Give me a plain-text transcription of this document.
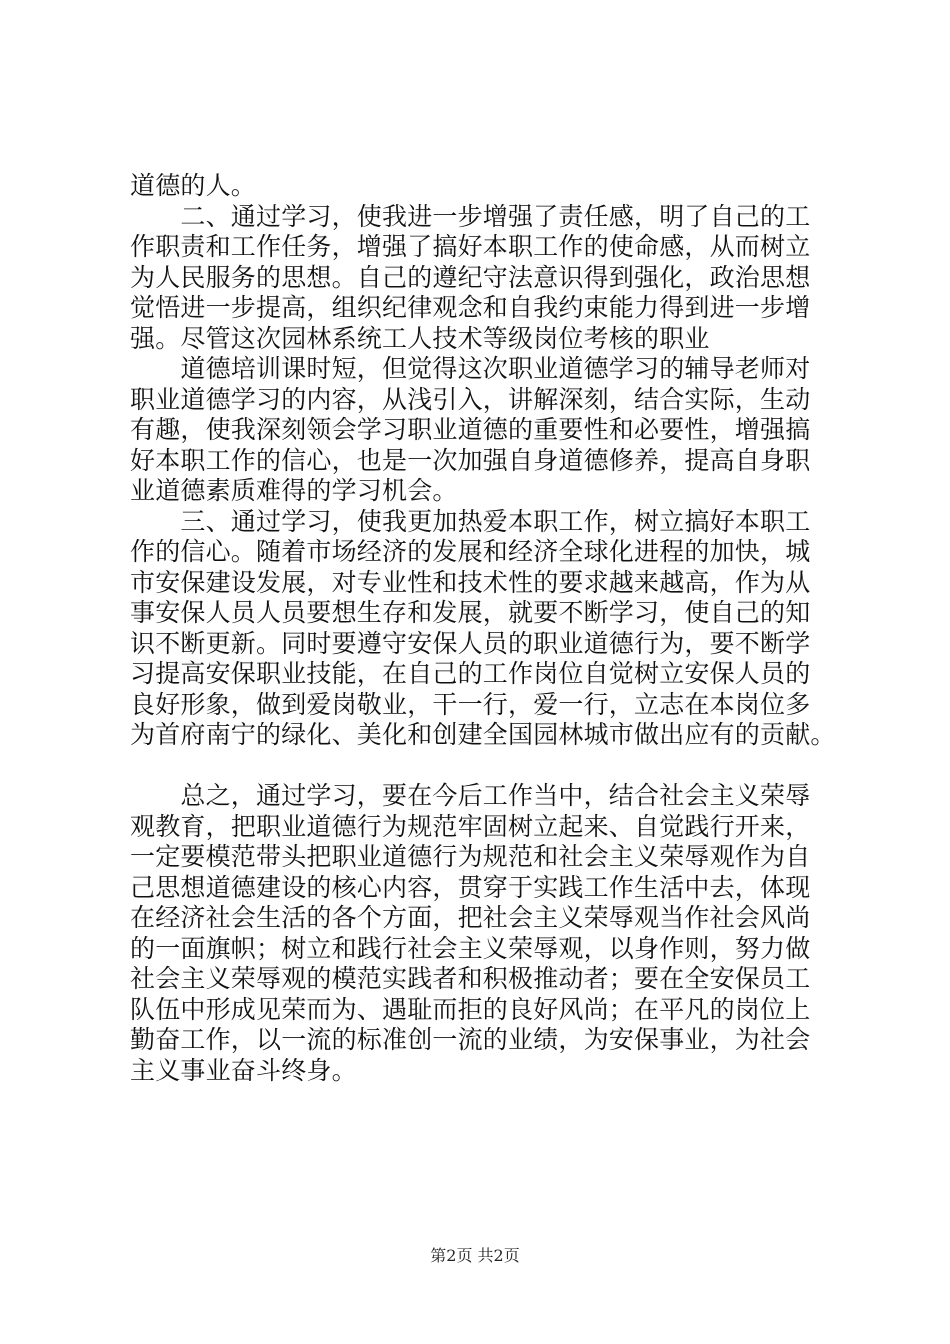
道德的人。
　　二、通过学习，使我进一步增强了责任感，明了自己的工
作职责和工作任务，增强了搞好本职工作的使命感，从而树立
为人民服务的思想。自己的遵纪守法意识得到强化，政治思想
觉悟进一步提高，组织纪律观念和自我约束能力得到进一步增
强。尽管这次园林系统工人技术等级岗位考核的职业
　　道德培训课时短，但觉得这次职业道德学习的辅导老师对
职业道德学习的内容，从浅引入，讲解深刻，结合实际，生动
有趣，使我深刻领会学习职业道德的重要性和必要性，增强搞
好本职工作的信心，也是一次加强自身道德修养，提高自身职
业道德素质难得的学习机会。
　　三、通过学习，使我更加热爱本职工作，树立搞好本职工
作的信心。随着市场经济的发展和经济全球化进程的加快，城
市安保建设发展，对专业性和技术性的要求越来越高，作为从
事安保人员人员要想生存和发展，就要不断学习，使自己的知
识不断更新。同时要遵守安保人员的职业道德行为，要不断学
习提高安保职业技能，在自己的工作岗位自觉树立安保人员的
良好形象，做到爱岗敬业，干一行，爱一行，立志在本岗位多
为首府南宁的绿化、美化和创建全国园林城市做出应有的贡献。
　　总之，通过学习，要在今后工作当中，结合社会主义荣辱
观教育，把职业道德行为规范牢固树立起来、自觉践行开来，
一定要模范带头把职业道德行为规范和社会主义荣辱观作为自
己思想道德建设的核心内容，贯穿于实践工作生活中去，体现
在经济社会生活的各个方面，把社会主义荣辱观当作社会风尚
的一面旗帜；树立和践行社会主义荣辱观，以身作则，努力做
社会主义荣辱观的模范实践者和积极推动者；要在全安保员工
队伍中形成见荣而为、遇耻而拒的良好风尚；在平凡的岗位上
勤奋工作，以一流的标准创一流的业绩，为安保事业，为社会
主义事业奋斗终身。
第2页 共2页
